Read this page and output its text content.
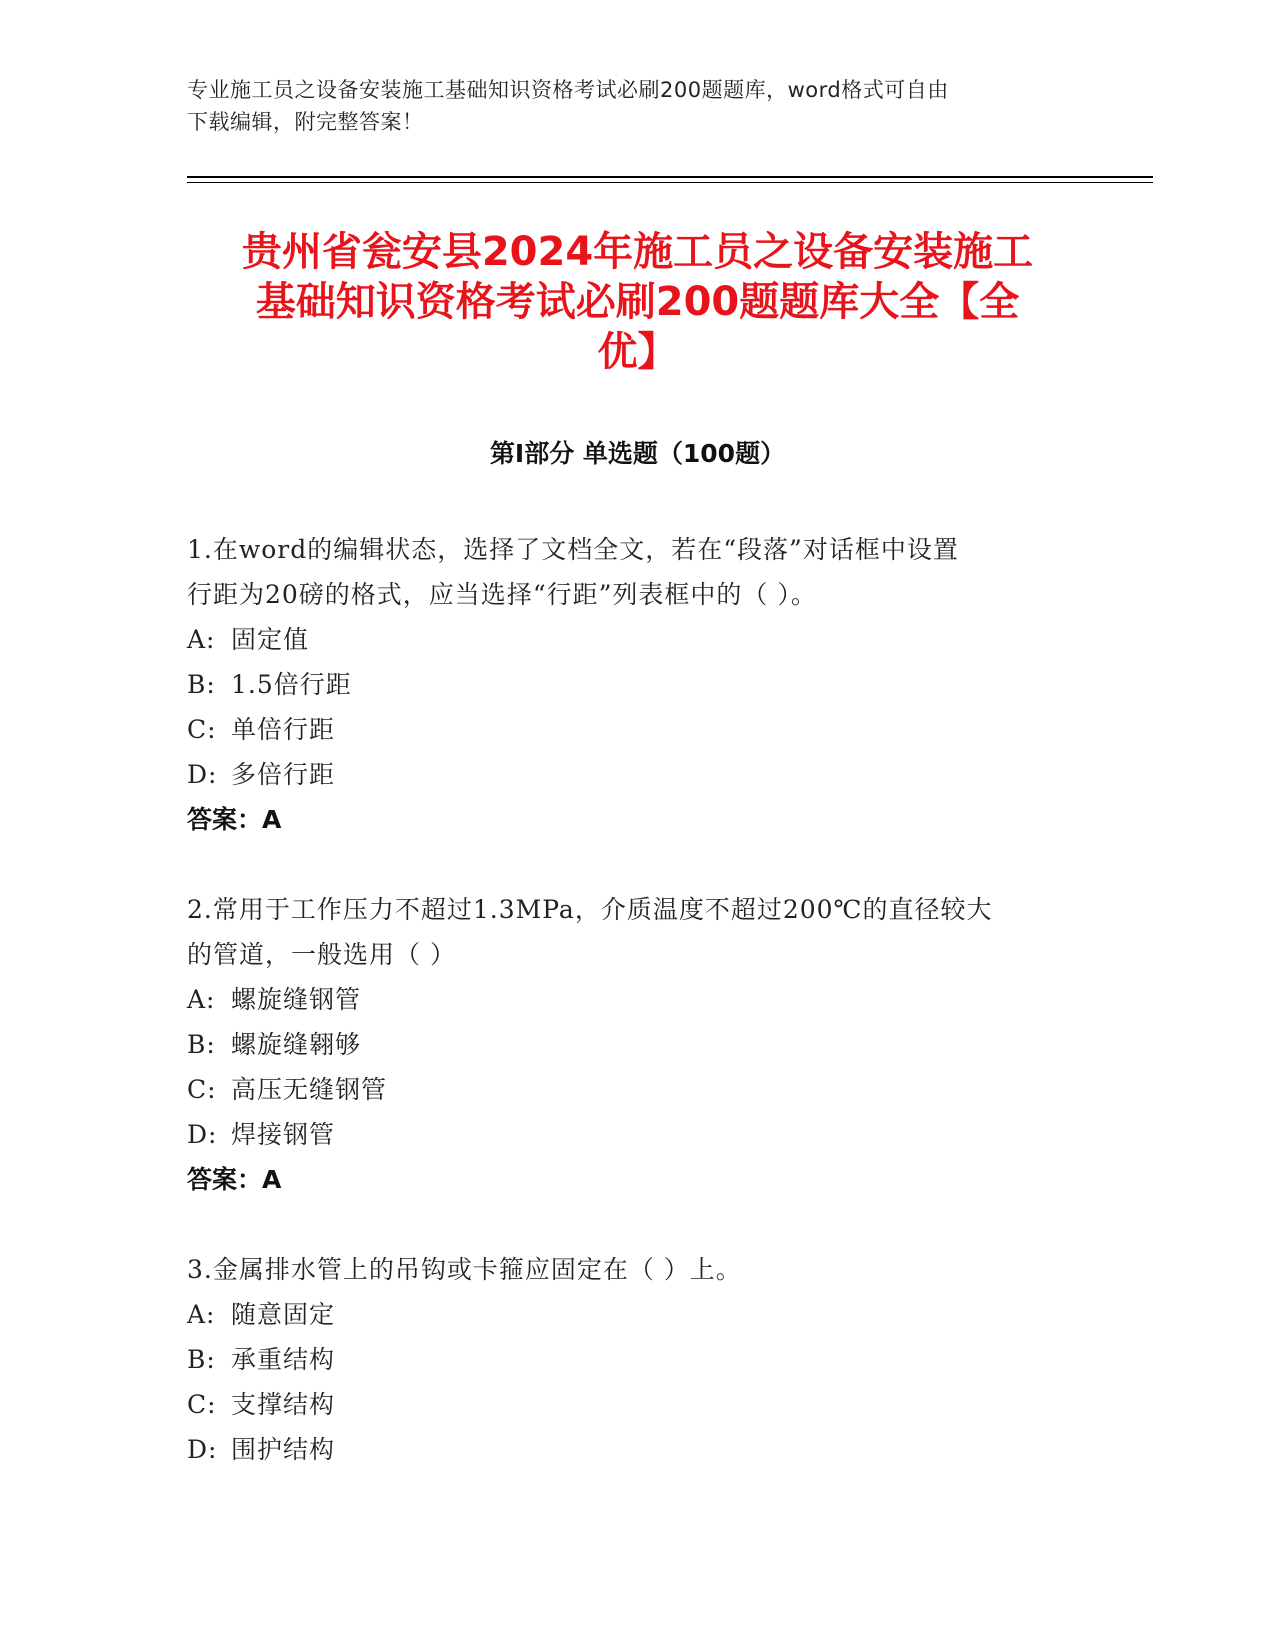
专业施工员之设备安装施工基础知识资格考试必刷200题题库，word格式可自由
下载编辑，附完整答案！
贵州省瓮安县2024年施工员之设备安装施工
基础知识资格考试必刷200题题库大全【全
优】
第Ⅰ部分 单选题（100题）
1.在word的编辑状态，选择了文档全文，若在“段落”对话框中设置
行距为20磅的格式，应当选择“行距”列表框中的（ ）。
A: 固定值
B: 1.5倍行距
C: 单倍行距
D: 多倍行距
答案：A
2.常用于工作压力不超过1.3MPa，介质温度不超过200℃的直径较大
的管道，一般选用（ ）
A: 螺旋缝钢管
B: 螺旋缝翱够
C: 高压无缝钢管
D: 焊接钢管
答案：A
3.金属排水管上的吊钩或卡箍应固定在（ ）上。
A: 随意固定
B: 承重结构
C: 支撑结构
D: 围护结构
